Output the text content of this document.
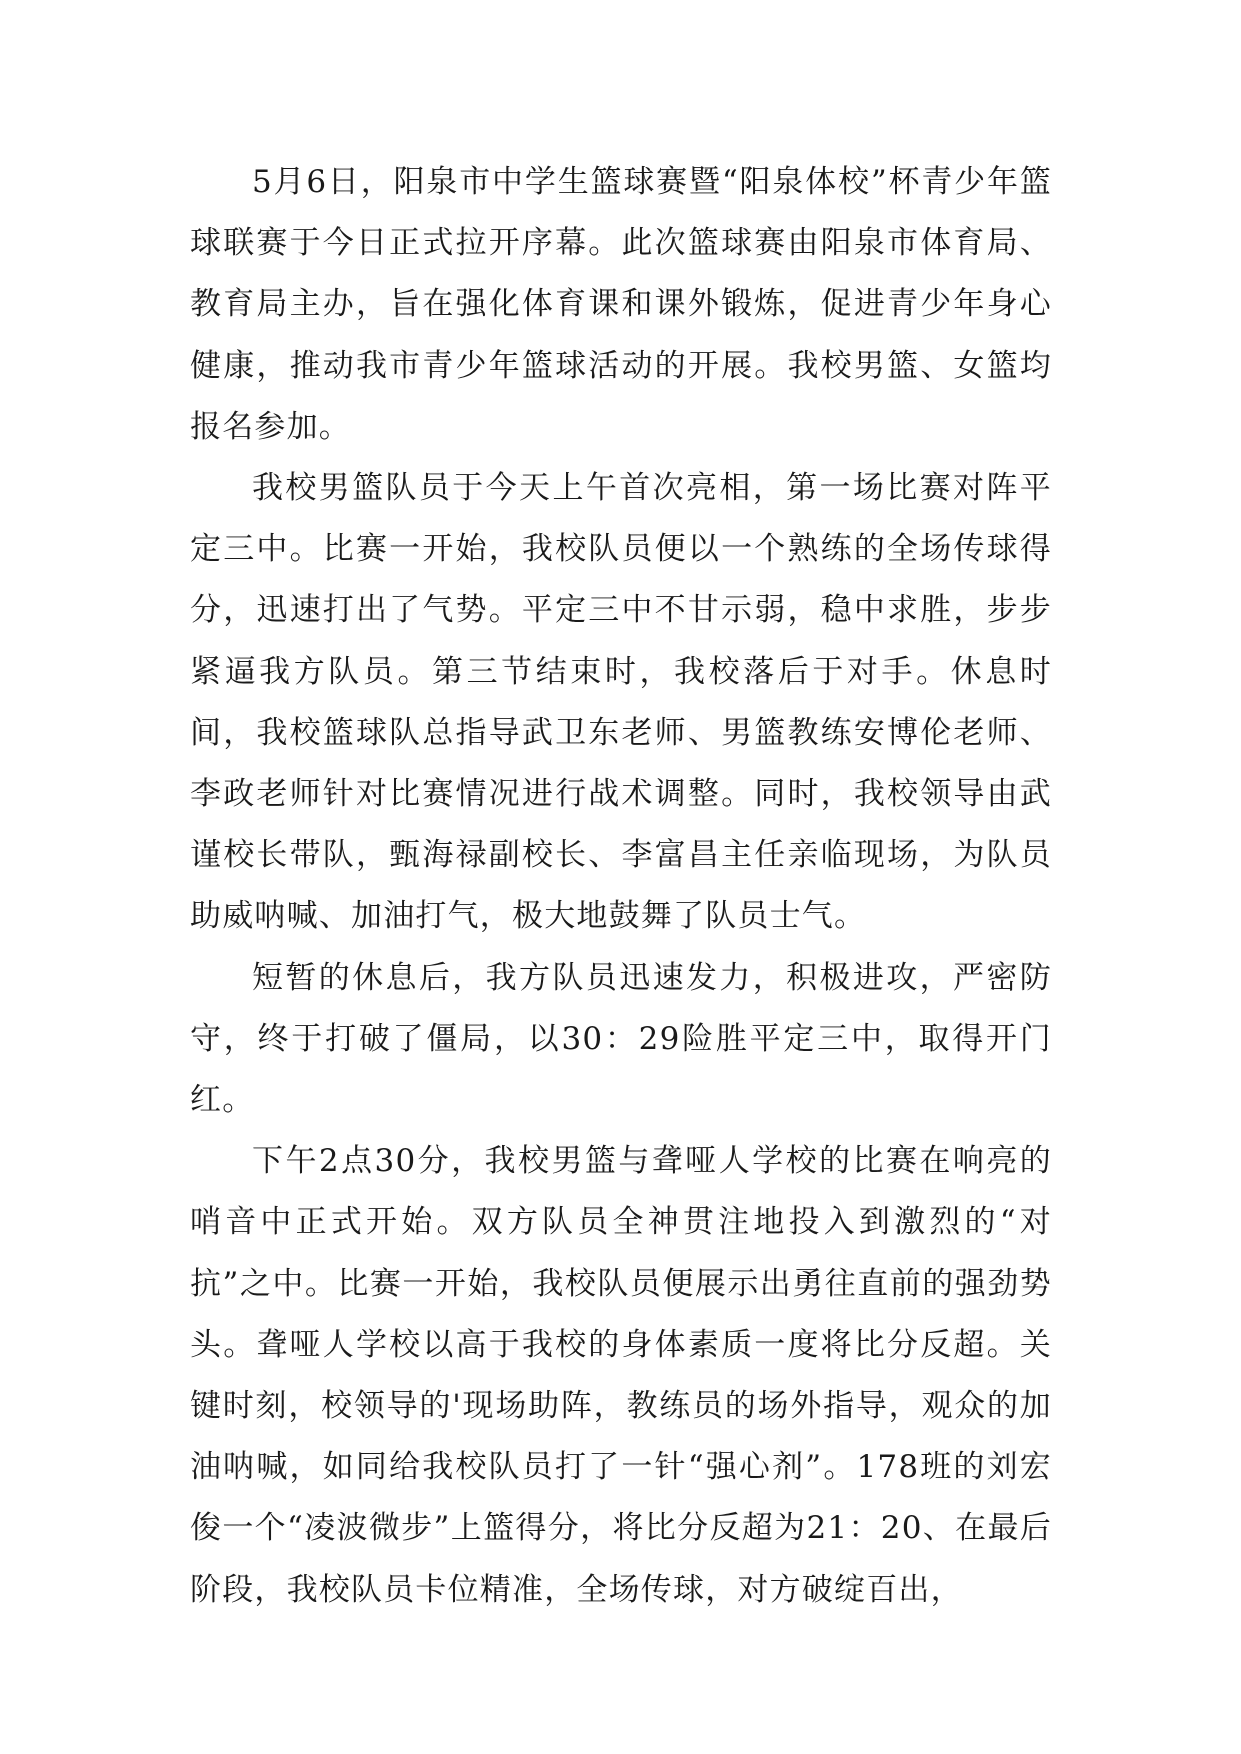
5月6日，阳泉市中学生篮球赛暨“阳泉体校”杯青少年篮球联赛于今日正式拉开序幕。此次篮球赛由阳泉市体育局、教育局主办，旨在强化体育课和课外锻炼，促进青少年身心健康，推动我市青少年篮球活动的开展。我校男篮、女篮均报名参加。

我校男篮队员于今天上午首次亮相，第一场比赛对阵平定三中。比赛一开始，我校队员便以一个熟练的全场传球得分，迅速打出了气势。平定三中不甘示弱，稳中求胜，步步紧逼我方队员。第三节结束时，我校落后于对手。休息时间，我校篮球队总指导武卫东老师、男篮教练安博伦老师、李政老师针对比赛情况进行战术调整。同时，我校领导由武谨校长带队，甄海禄副校长、李富昌主任亲临现场，为队员助威呐喊、加油打气，极大地鼓舞了队员士气。

短暂的休息后，我方队员迅速发力，积极进攻，严密防守，终于打破了僵局，以30：29险胜平定三中，取得开门红。

下午2点30分，我校男篮与聋哑人学校的比赛在响亮的哨音中正式开始。双方队员全神贯注地投入到激烈的“对抗”之中。比赛一开始，我校队员便展示出勇往直前的强劲势头。聋哑人学校以高于我校的身体素质一度将比分反超。关键时刻，校领导的'现场助阵，教练员的场外指导，观众的加油呐喊，如同给我校队员打了一针“强心剂”。178班的刘宏俊一个“凌波微步”上篮得分，将比分反超为21：20、在最后阶段，我校队员卡位精准，全场传球，对方破绽百出，
